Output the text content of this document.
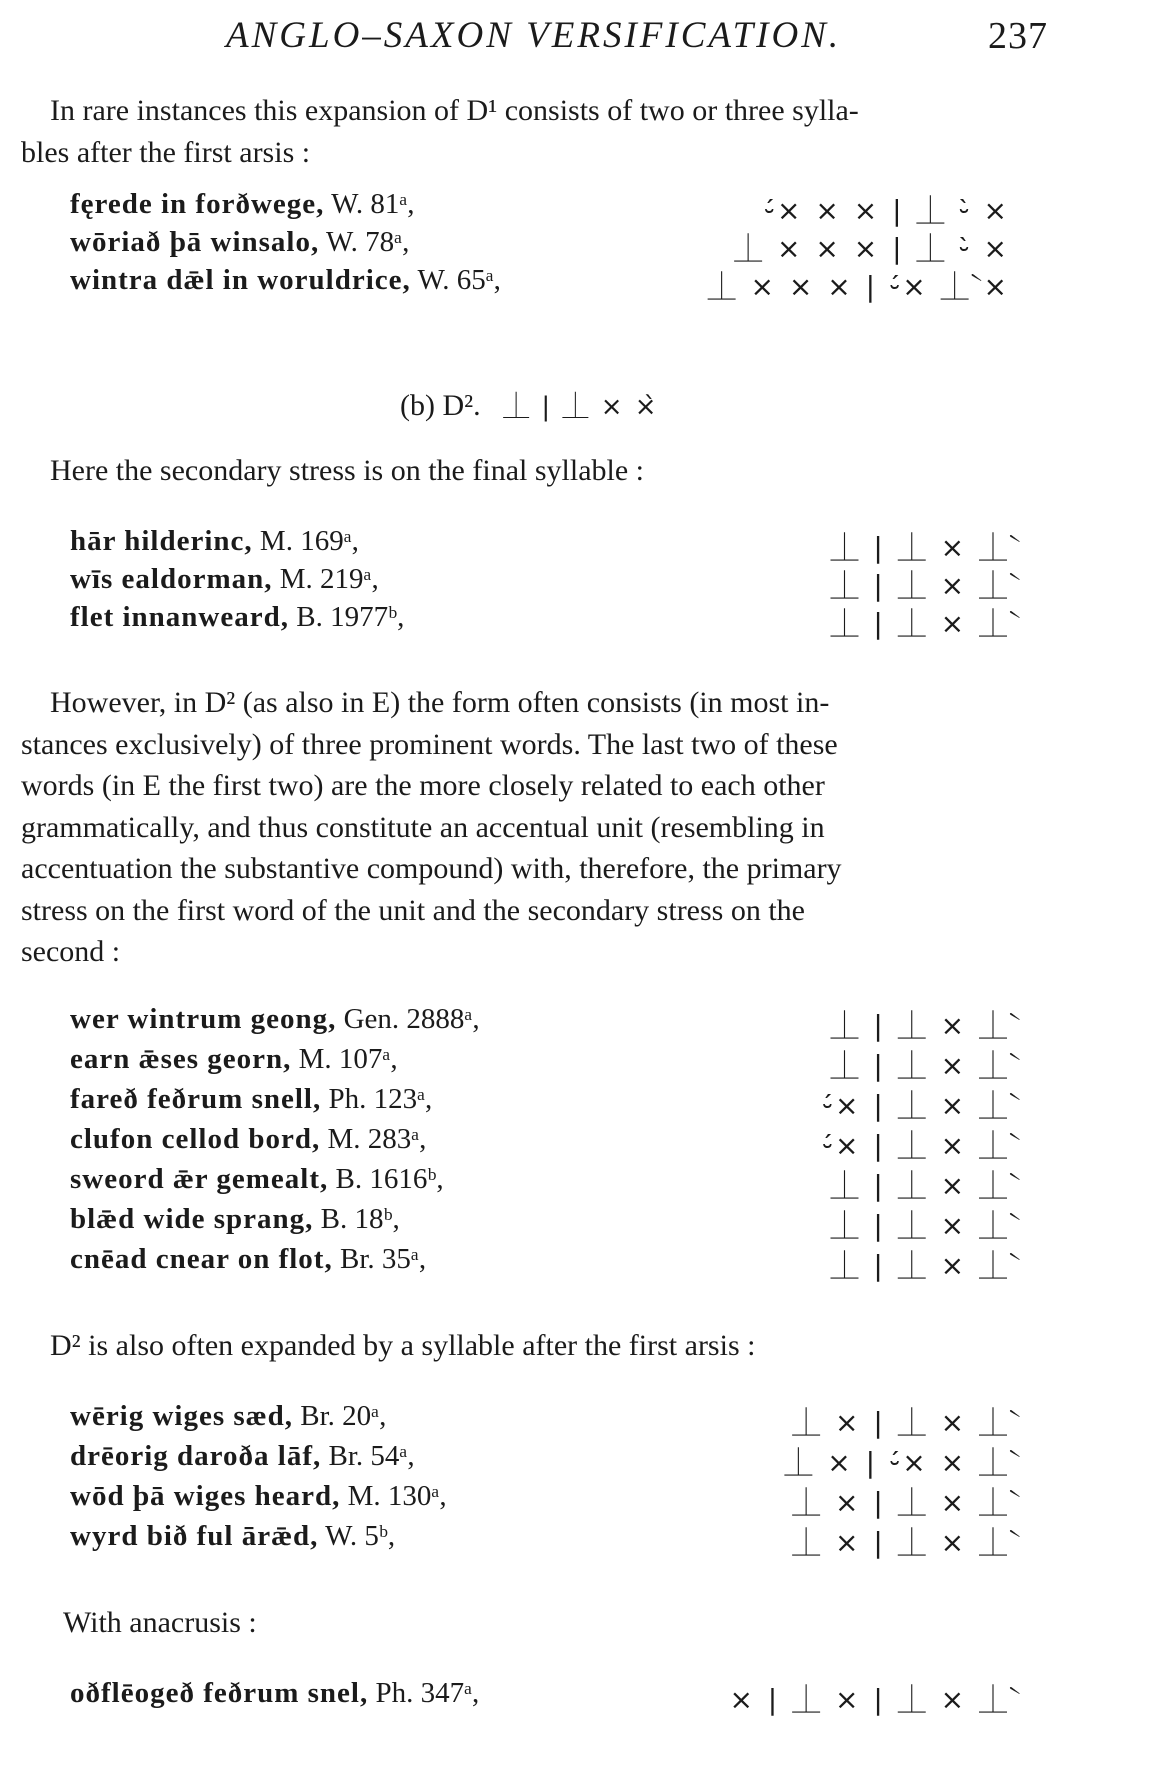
ANGLO–SAXON VERSIFICATION.	237
In rare instances this expansion of D¹ consists of two or three sylla-
bles after the first arsis :
fęrede in forðwege, W. 81ᵃ,	⏑́× × × | ⏊ ⏑̀ ×
wōriað þā winsalo, W. 78ᵃ,	⏊ × × × | ⏊ ⏑̀ ×
wintra dǣl in woruldrice, W. 65ᵃ,	⏊ × × × | ⏑́× ⏊̀ ×
(b) D². ⏊ | ⏊ × ×̀
Here the secondary stress is on the final syllable :
hār hilderinc, M. 169ᵃ,	⏊ | ⏊ × ⏊̀
wīs ealdorman, M. 219ᵃ,	⏊ | ⏊ × ⏊̀
flet innanweard, B. 1977ᵇ,	⏊ | ⏊ × ⏊̀
However, in D² (as also in E) the form often consists (in most in-
stances exclusively) of three prominent words. The last two of these
words (in E the first two) are the more closely related to each other
grammatically, and thus constitute an accentual unit (resembling in
accentuation the substantive compound) with, therefore, the primary
stress on the first word of the unit and the secondary stress on the
second :
wer wintrum geong, Gen. 2888ᵃ,	⏊ | ⏊ × ⏊̀
earn ǣses georn, M. 107ᵃ,	⏊ | ⏊ × ⏊̀
fareð feðrum snell, Ph. 123ᵃ,	⏑́× | ⏊ × ⏊̀
clufon cellod bord, M. 283ᵃ,	⏑́× | ⏊ × ⏊̀
sweord ǣr gemealt, B. 1616ᵇ,	⏊ | ⏊ × ⏊̀
blǣd wide sprang, B. 18ᵇ,	⏊ | ⏊ × ⏊̀
cnēad cnear on flot, Br. 35ᵃ,	⏊ | ⏊ × ⏊̀
D² is also often expanded by a syllable after the first arsis :
wērig wiges sæd, Br. 20ᵃ,	⏊ × | ⏊ × ⏊̀
drēorig daroða lāf, Br. 54ᵃ,	⏊ × | ⏑́× × ⏊̀
wōd þā wiges heard, M. 130ᵃ,	⏊ × | ⏊ × ⏊̀
wyrd bið ful ārǣd, W. 5ᵇ,	⏊ × | ⏊ × ⏊̀
With anacrusis :
oðflēogeð feðrum snel, Ph. 347ᵃ,	× | ⏊ × | ⏊ × ⏊̀
